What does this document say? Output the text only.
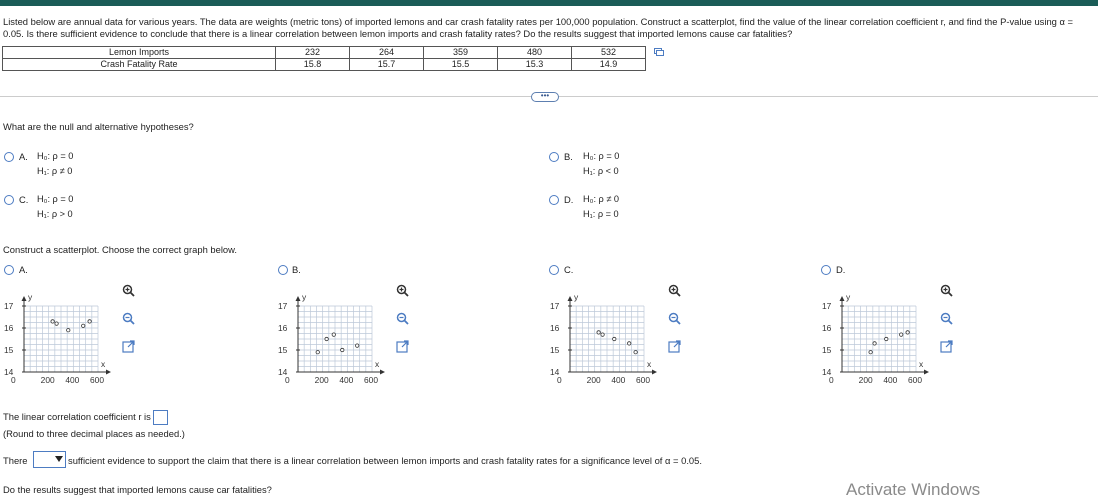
Listed below are annual data for various years. The data are weights (metric tons) of imported lemons and car crash fatality rates per 100,000 population. Construct a scatterplot, find the value of the linear correlation coefficient r, and find the P-value using α = 0.05. Is there sufficient evidence to conclude that there is a linear correlation between lemon imports and crash fatality rates? Do the results suggest that imported lemons cause car fatalities?
Lemon Imports	232	264	359	480	532
Crash Fatality Rate	15.8	15.7	15.5	15.3	14.9
•••
What are the null and alternative hypotheses?
A. H₀: ρ = 0
H₁: ρ ≠ 0
B. H₀: ρ = 0
H₁: ρ < 0
C. H₀: ρ = 0
H₁: ρ > 0
D. H₀: ρ ≠ 0
H₁: ρ = 0
Construct a scatterplot. Choose the correct graph below.
A.	B.	C.	D.
17
16
15
14
0	200 400 600
y
x
17
16
15
14
0	200 400 600
y
x
17
16
15
14
0	200 400 600
y
x
17
16
15
14
0	200 400 600
y
x
The linear correlation coefficient r is
(Round to three decimal places as needed.)
There	sufficient evidence to support the claim that there is a linear correlation between lemon imports and crash fatality rates for a significance level of α = 0.05.
Do the results suggest that imported lemons cause car fatalities?	Activate Windows
